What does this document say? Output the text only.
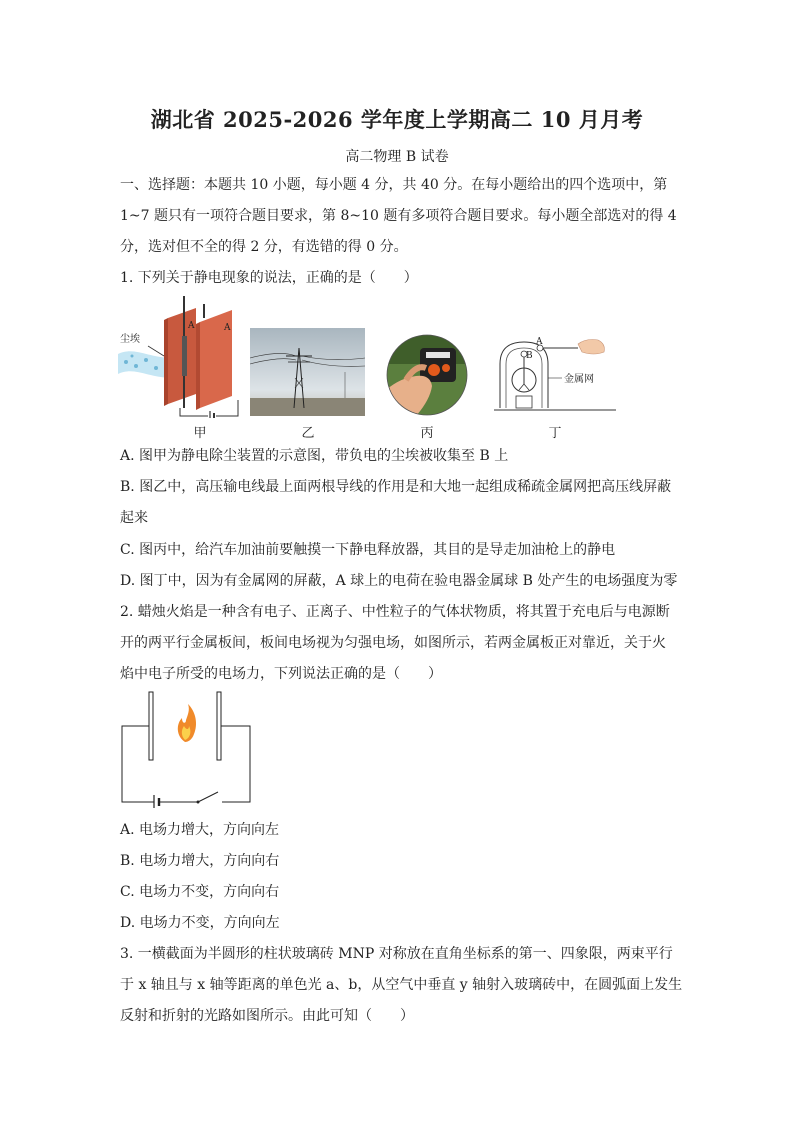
湖北省 2025-2026 学年度上学期高二 10 月月考
高二物理 B 试卷
一、选择题：本题共 10 小题，每小题 4 分，共 40 分。在每小题给出的四个选项中，第
1~7 题只有一项符合题目要求，第 8~10 题有多项符合题目要求。每小题全部选对的得 4
分，选对但不全的得 2 分，有选错的得 0 分。
1. 下列关于静电现象的说法，正确的是（　　）
A	A
尘埃	A
B
金属网
甲	乙	丙	丁
A. 图甲为静电除尘装置的示意图，带负电的尘埃被收集至 B 上
B. 图乙中，高压输电线最上面两根导线的作用是和大地一起组成稀疏金属网把高压线屏蔽
起来
C. 图丙中，给汽车加油前要触摸一下静电释放器，其目的是导走加油枪上的静电
D. 图丁中，因为有金属网的屏蔽，A 球上的电荷在验电器金属球 B 处产生的电场强度为零
2. 蜡烛火焰是一种含有电子、正离子、中性粒子的气体状物质，将其置于充电后与电源断
开的两平行金属板间，板间电场视为匀强电场，如图所示，若两金属板正对靠近，关于火
焰中电子所受的电场力，下列说法正确的是（　　）
A. 电场力增大，方向向左
B. 电场力增大，方向向右
C. 电场力不变，方向向右
D. 电场力不变，方向向左
3. 一横截面为半圆形的柱状玻璃砖 MNP 对称放在直角坐标系的第一、四象限，两束平行
于 x 轴且与 x 轴等距离的单色光 a、b，从空气中垂直 y 轴射入玻璃砖中，在圆弧面上发生
反射和折射的光路如图所示。由此可知（　　）
